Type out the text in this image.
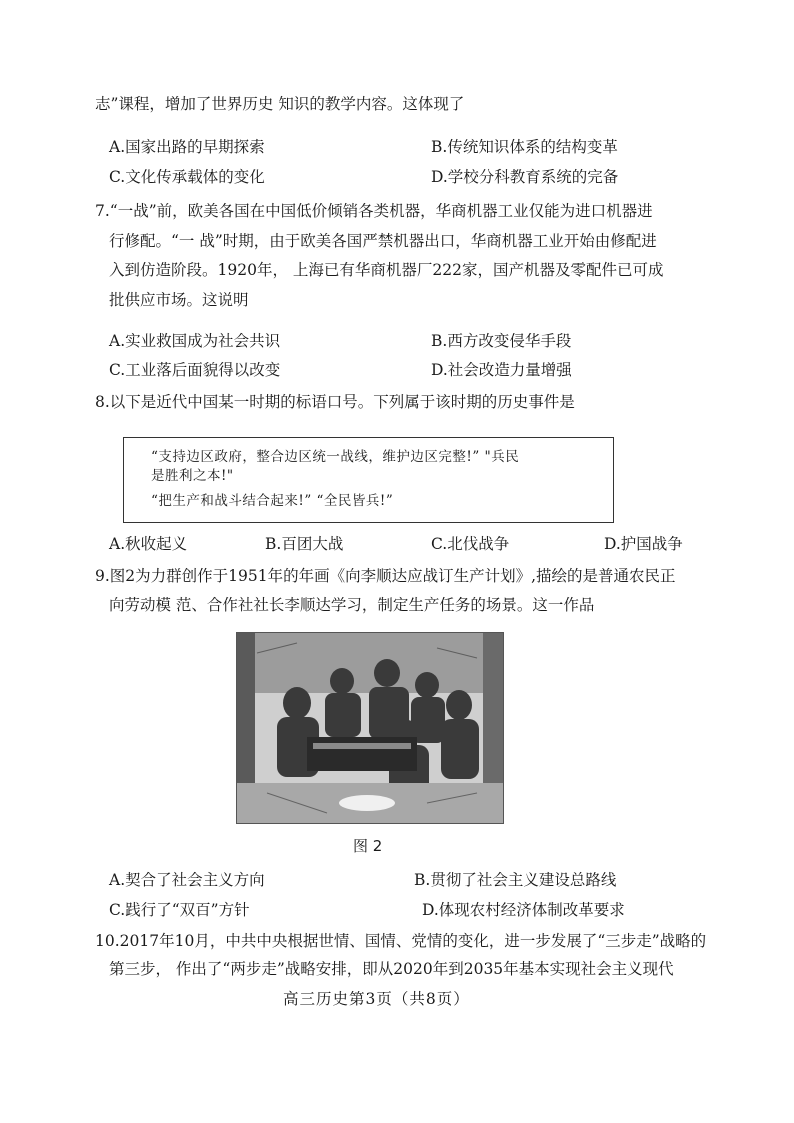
志”课程，增加了世界历史 知识的教学内容。这体现了
A.国家出路的早期探索	B.传统知识体系的结构变革
C.文化传承载体的变化	D.学校分科教育系统的完备
7.“一战”前，欧美各国在中国低价倾销各类机器，华商机器工业仅能为进口机器进
行修配。“一 战”时期，由于欧美各国严禁机器出口，华商机器工业开始由修配进
入到仿造阶段。1920年， 上海已有华商机器厂222家，国产机器及零配件已可成
批供应市场。这说明
A.实业救国成为社会共识	B.西方改变侵华手段
C.工业落后面貌得以改变	D.社会改造力量增强
8.以下是近代中国某一时期的标语口号。下列属于该时期的历史事件是
“支持边区政府，整合边区统一战线，维护边区完整!” "兵民
是胜利之本!"
“把生产和战斗结合起来!” “全民皆兵!”
A.秋收起义	B.百团大战	C.北伐战争	D.护国战争
9.图2为力群创作于1951年的年画《向李顺达应战订生产计划》,描绘的是普通农民正
向劳动模 范、合作社社长李顺达学习，制定生产任务的场景。这一作品
图 2
A.契合了社会主义方向	B.贯彻了社会主义建设总路线
C.践行了“双百”方针	D.体现农村经济体制改革要求
10.2017年10月，中共中央根据世情、国情、党情的变化，进一步发展了“三步走”战略的
第三步， 作出了“两步走”战略安排，即从2020年到2035年基本实现社会主义现代
高三历史第3页（共8页）
